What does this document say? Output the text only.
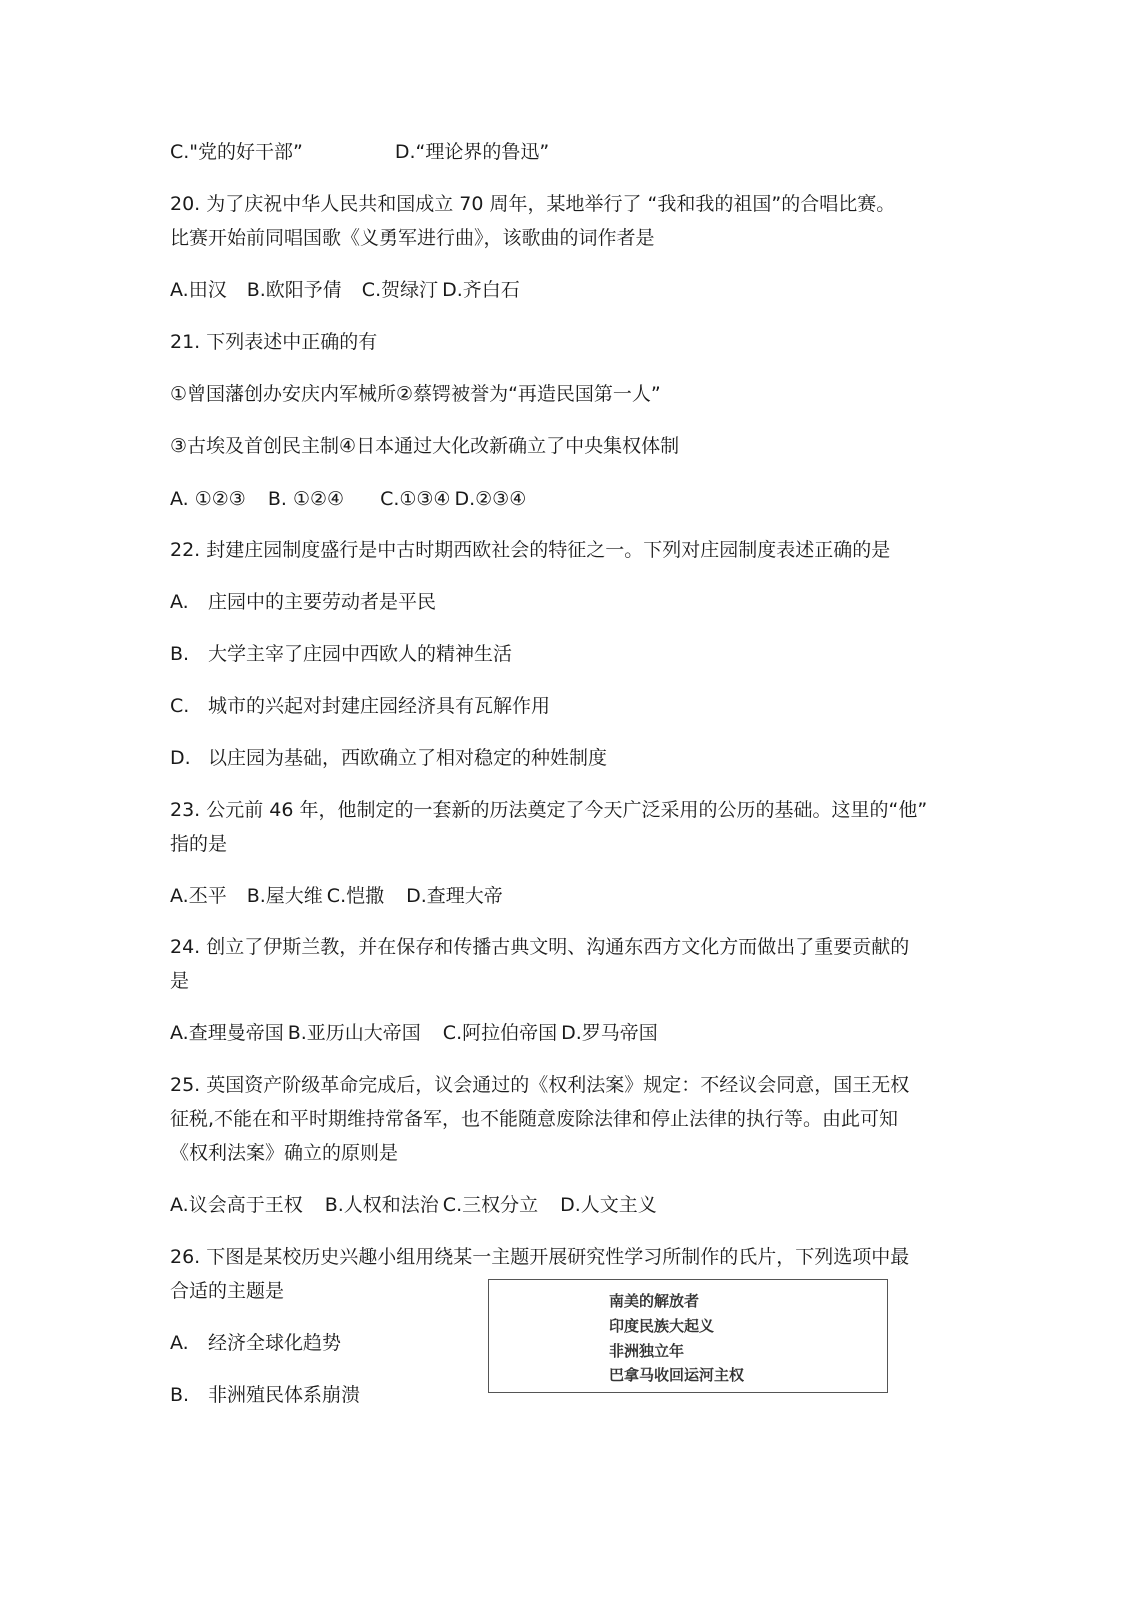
C."党的好干部”	D.“理论界的鲁迅”
20. 为了庆祝中华人民共和国成立 70 周年，某地举行了 “我和我的祖国”的合唱比赛。
比赛开始前同唱国歌《义勇军进行曲》，该歌曲的词作者是
A.田汉 B.欧阳予倩 C.贺绿汀 D.齐白石
21. 下列表述中正确的有
①曾国藩创办安庆内军械所②蔡锷被誉为“再造民国第一人”
③古埃及首创民主制④日本通过大化改新确立了中央集权体制
A. ①②③ B. ①②④ C.①③④ D.②③④
22. 封建庄园制度盛行是中古时期西欧社会的特征之一。下列对庄园制度表述正确的是
A. 庄园中的主要劳动者是平民
B. 大学主宰了庄园中西欧人的精神生活
C. 城市的兴起对封建庄园经济具有瓦解作用
D. 以庄园为基础，西欧确立了相对稳定的种姓制度
23. 公元前 46 年，他制定的一套新的历法奠定了今天广泛采用的公历的基础。这里的“他”
指的是
A.丕平 B.屋大维 C.恺撒 D.查理大帝
24. 创立了伊斯兰教，并在保存和传播古典文明、沟通东西方文化方而做出了重要贡献的
是
A.查理曼帝国 B.亚历山大帝国 C.阿拉伯帝国 D.罗马帝国
25. 英国资产阶级革命完成后，议会通过的《权利法案》规定：不经议会同意，国王无权
征税,不能在和平时期维持常备军，也不能随意废除法律和停止法律的执行等。由此可知
《权利法案》确立的原则是
A.议会高于王权 B.人权和法治 C.三权分立 D.人文主义
26. 下图是某校历史兴趣小组用绕某一主题开展研究性学习所制作的氏片，下列选项中最
合适的主题是
A. 经济全球化趋势
B. 非洲殖民体系崩溃
南美的解放者
印度民族大起义
非洲独立年
巴拿马收回运河主权
